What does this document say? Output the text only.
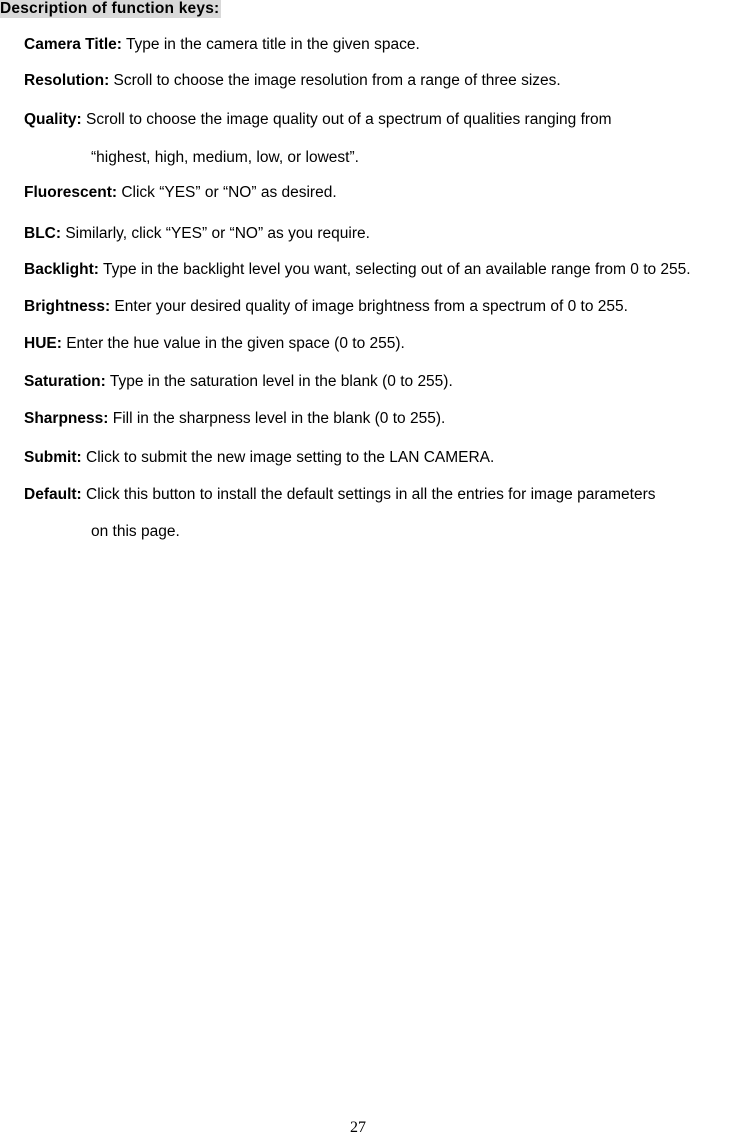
Description of function keys:
Camera Title: Type in the camera title in the given space.
Resolution: Scroll to choose the image resolution from a range of three sizes.
Quality: Scroll to choose the image quality out of a spectrum of qualities ranging from
“highest, high, medium, low, or lowest”.
Fluorescent: Click “YES” or “NO” as desired.
BLC: Similarly, click “YES” or “NO” as you require.
Backlight: Type in the backlight level you want, selecting out of an available range from 0 to 255.
Brightness: Enter your desired quality of image brightness from a spectrum of 0 to 255.
HUE: Enter the hue value in the given space (0 to 255).
Saturation: Type in the saturation level in the blank (0 to 255).
Sharpness: Fill in the sharpness level in the blank (0 to 255).
Submit: Click to submit the new image setting to the LAN CAMERA.
Default: Click this button to install the default settings in all the entries for image parameters
on this page.
27
